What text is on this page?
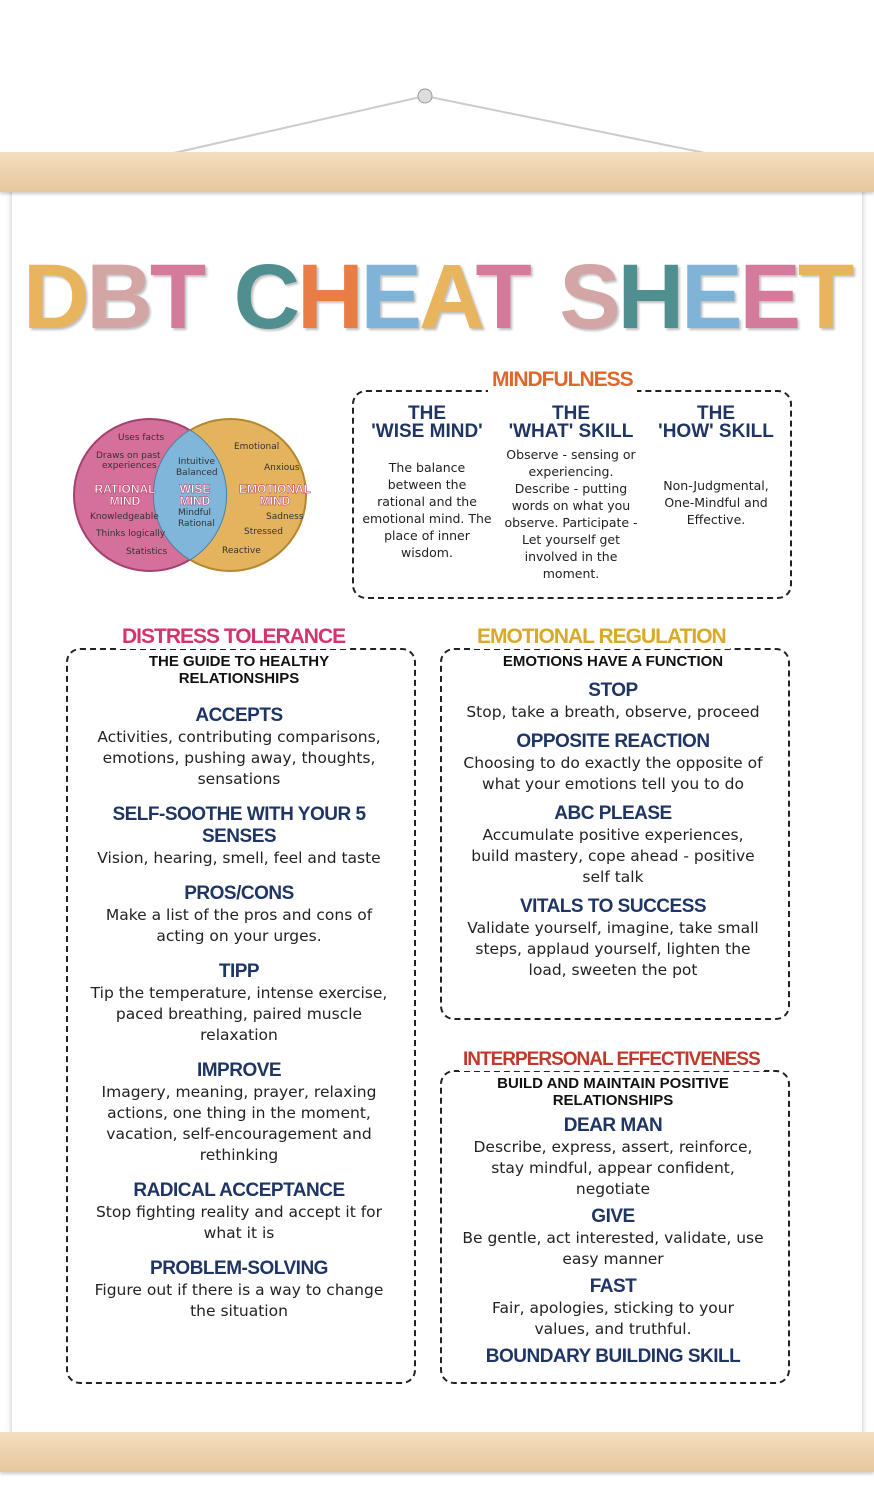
DBT CHEAT SHEET
Uses facts
Draws on past
experiences
RATIONAL
MIND
Knowledgeable
Thinks logically
Statistics
Intuitive
Balanced
WISE
MIND
Mindful
Rational
Emotional
Anxious
EMOTIONAL
MIND
Sadness
Stressed
Reactive
MINDFULNESS
THE
'WISE MIND'
The balance between the rational and the emotional mind. The place of inner wisdom.
THE
'WHAT' SKILL
Observe - sensing or experiencing. Describe - putting words on what you observe. Participate - Let yourself get involved in the moment.
THE
'HOW' SKILL
Non-Judgmental, One-Mindful and Effective.
DISTRESS TOLERANCE
THE GUIDE TO HEALTHY RELATIONSHIPS
ACCEPTS
Activities, contributing comparisons, emotions, pushing away, thoughts, sensations
SELF-SOOTHE WITH YOUR 5 SENSES
Vision, hearing, smell, feel and taste
PROS/CONS
Make a list of the pros and cons of acting on your urges.
TIPP
Tip the temperature, intense exercise, paced breathing, paired muscle relaxation
IMPROVE
Imagery, meaning, prayer, relaxing actions, one thing in the moment, vacation, self-encouragement and rethinking
RADICAL ACCEPTANCE
Stop fighting reality and accept it for what it is
PROBLEM-SOLVING
Figure out if there is a way to change the situation
EMOTIONAL REGULATION
EMOTIONS HAVE A FUNCTION
STOP
Stop, take a breath, observe, proceed
OPPOSITE REACTION
Choosing to do exactly the opposite of what your emotions tell you to do
ABC PLEASE
Accumulate positive experiences, build mastery, cope ahead - positive self talk
VITALS TO SUCCESS
Validate yourself, imagine, take small steps, applaud yourself, lighten the load, sweeten the pot
INTERPERSONAL EFFECTIVENESS
BUILD AND MAINTAIN POSITIVE RELATIONSHIPS
DEAR MAN
Describe, express, assert, reinforce, stay mindful, appear confident, negotiate
GIVE
Be gentle, act interested, validate, use easy manner
FAST
Fair, apologies, sticking to your values, and truthful.
BOUNDARY BUILDING SKILL
